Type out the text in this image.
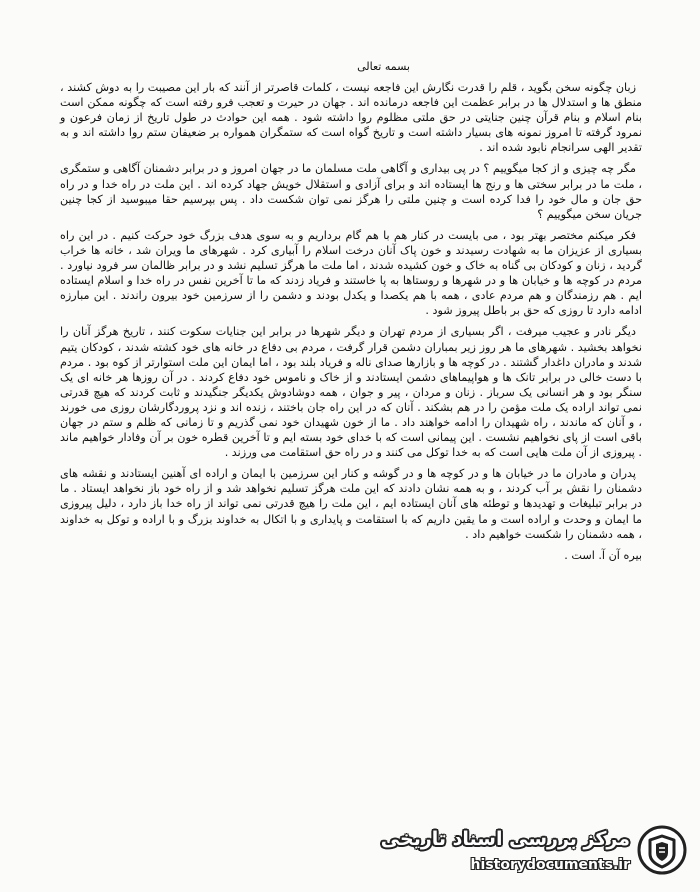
بسمه تعالی

زبان چگونه سخن بگوید ، قلم را قدرت نگارش این فاجعه نیست ، کلمات قاصرتر از آنند که بار این مصیبت را به دوش کشند ، منطق ها و استدلال ها در برابر عظمت این فاجعه درمانده اند . جهان در حیرت و تعجب فرو رفته است که چگونه ممکن است بنام اسلام و بنام قرآن چنین جنایتی در حق ملتی مظلوم روا داشته شود . همه این حوادث در طول تاریخ از زمان فرعون و نمرود گرفته تا امروز نمونه های بسیار داشته است و تاریخ گواه است که ستمگران همواره بر ضعیفان ستم روا داشته اند و به تقدیر الهی سرانجام نابود شده اند .

مگر چه چیزی و از کجا میگوییم ؟ در پی بیداری و آگاهی ملت مسلمان ما در جهان امروز و در برابر دشمنان آگاهی و ستمگری ، ملت ما در برابر سختی ها و رنج ها ایستاده اند و برای آزادی و استقلال خویش جهاد کرده اند . این ملت در راه خدا و در راه حق جان و مال خود را فدا کرده است و چنین ملتی را هرگز نمی توان شکست داد . پس بپرسیم حقا میبوسید از کجا چنین جریان سخن میگوییم ؟

فکر میکنم مختصر بهتر بود ، می بایست در کنار هم با هم گام برداریم و به سوی هدف بزرگ خود حرکت کنیم . در این راه بسیاری از عزیزان ما به شهادت رسیدند و خون پاک آنان درخت اسلام را آبیاری کرد . شهرهای ما ویران شد ، خانه ها خراب گردید ، زنان و کودکان بی گناه به خاک و خون کشیده شدند ، اما ملت ما هرگز تسلیم نشد و در برابر ظالمان سر فرود نیاورد . مردم در کوچه ها و خیابان ها و در شهرها و روستاها به پا خاستند و فریاد زدند که ما تا آخرین نفس در راه خدا و اسلام ایستاده ایم . هم رزمندگان و هم مردم عادی ، همه با هم یکصدا و یکدل بودند و دشمن را از سرزمین خود بیرون راندند . این مبارزه ادامه دارد تا روزی که حق بر باطل پیروز شود .

دیگر نادر و عجیب میرفت ، اگر بسیاری از مردم تهران و دیگر شهرها در برابر این جنایات سکوت کنند ، تاریخ هرگز آنان را نخواهد بخشید . شهرهای ما هر روز زیر بمباران دشمن قرار گرفت ، مردم بی دفاع در خانه های خود کشته شدند ، کودکان یتیم شدند و مادران داغدار گشتند . در کوچه ها و بازارها صدای ناله و فریاد بلند بود ، اما ایمان این ملت استوارتر از کوه بود . مردم با دست خالی در برابر تانک ها و هواپیماهای دشمن ایستادند و از خاک و ناموس خود دفاع کردند . در آن روزها هر خانه ای یک سنگر بود و هر انسانی یک سرباز . زنان و مردان ، پیر و جوان ، همه دوشادوش یکدیگر جنگیدند و ثابت کردند که هیچ قدرتی نمی تواند اراده یک ملت مؤمن را در هم بشکند . آنان که در این راه جان باختند ، زنده اند و نزد پروردگارشان روزی می خورند ، و آنان که ماندند ، راه شهیدان را ادامه خواهند داد . ما از خون شهیدان خود نمی گذریم و تا زمانی که ظلم و ستم در جهان باقی است از پای نخواهیم نشست . این پیمانی است که با خدای خود بسته ایم و تا آخرین قطره خون بر آن وفادار خواهیم ماند . پیروزی از آن ملت هایی است که به خدا توکل می کنند و در راه حق استقامت می ورزند .

پدران و مادران ما در خیابان ها و در کوچه ها و در گوشه و کنار این سرزمین با ایمان و اراده ای آهنین ایستادند و نقشه های دشمنان را نقش بر آب کردند ، و به همه نشان دادند که این ملت هرگز تسلیم نخواهد شد و از راه خود باز نخواهد ایستاد . ما در برابر تبلیغات و تهدیدها و توطئه های آنان ایستاده ایم ، این ملت را هیچ قدرتی نمی تواند از راه خدا باز دارد ، دلیل پیروزی ما ایمان و وحدت و اراده است و ما یقین داریم که با استقامت و پایداری و با اتکال به خداوند بزرگ و با اراده و توکل به خداوند ، همه دشمنان را شکست خواهیم داد .

بیره آن آ. است .
مرکز بررسی اسناد تاریخی
historydocuments.ir
